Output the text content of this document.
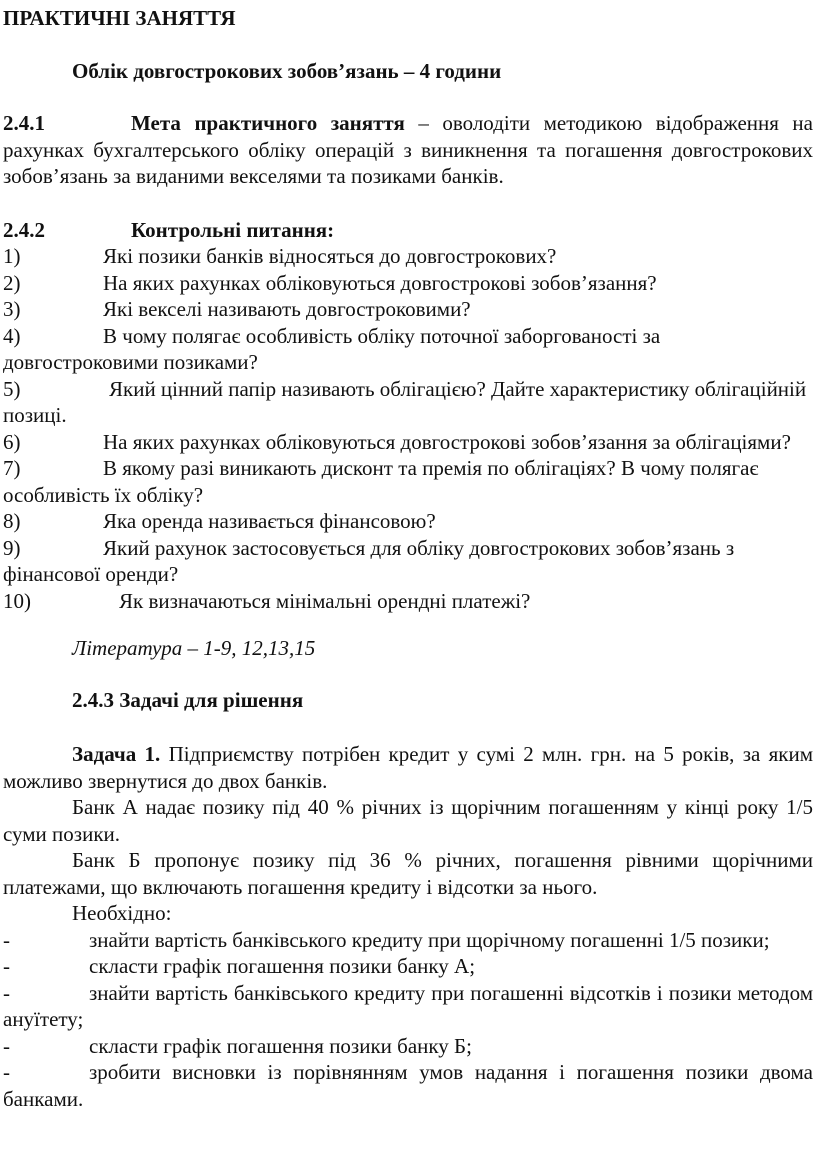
ПРАКТИЧНІ ЗАНЯТТЯ

Облік довгострокових зобов’язань – 4 години

2.4.1	Мета практичного заняття – оволодіти методикою відображення на рахунках бухгалтерського обліку операцій з виникнення та погашення довгострокових зобов’язань за виданими векселями та позиками банків.

2.4.2	Контрольні питання:

1)	Які позики банків відносяться до довгострокових?

2)	На яких рахунках обліковуються довгострокові зобов’язання?

3)	Які векселі називають довгостроковими?

4)	В чому полягає особливість обліку поточної заборгованості за довгостроковими позиками?

5)	Який цінний папір називають облігацією? Дайте характеристику облігаційній позиці.

6)	На яких рахунках обліковуються довгострокові зобов’язання за облігаціями?

7)	В якому разі виникають дисконт та премія по облігаціях? В чому полягає особливість їх обліку?

8)	Яка оренда називається фінансовою?

9)	Який рахунок застосовується для обліку довгострокових зобов’язань з фінансової оренди?

10)	Як визначаються мінімальні орендні платежі?

Література – 1-9, 12,13,15

2.4.3 Задачі для рішення

Задача 1. Підприємству потрібен кредит у сумі 2 млн. грн. на 5 років, за яким можливо звернутися до двох банків.

Банк А надає позику під 40 % річних із щорічним погашенням у кінці року 1/5 суми позики.

Банк Б пропонує позику під 36 % річних, погашення рівними щорічними платежами, що включають погашення кредиту і відсотки за нього.

Необхідно:

-	знайти вартість банківського кредиту при щорічному погашенні 1/5 позики;

-	скласти графік погашення позики банку А;

-	знайти вартість банківського кредиту при погашенні відсотків і позики методом ануїтету;

-	скласти графік погашення позики банку Б;

-	зробити висновки із порівнянням умов надання і погашення позики двома банками.
